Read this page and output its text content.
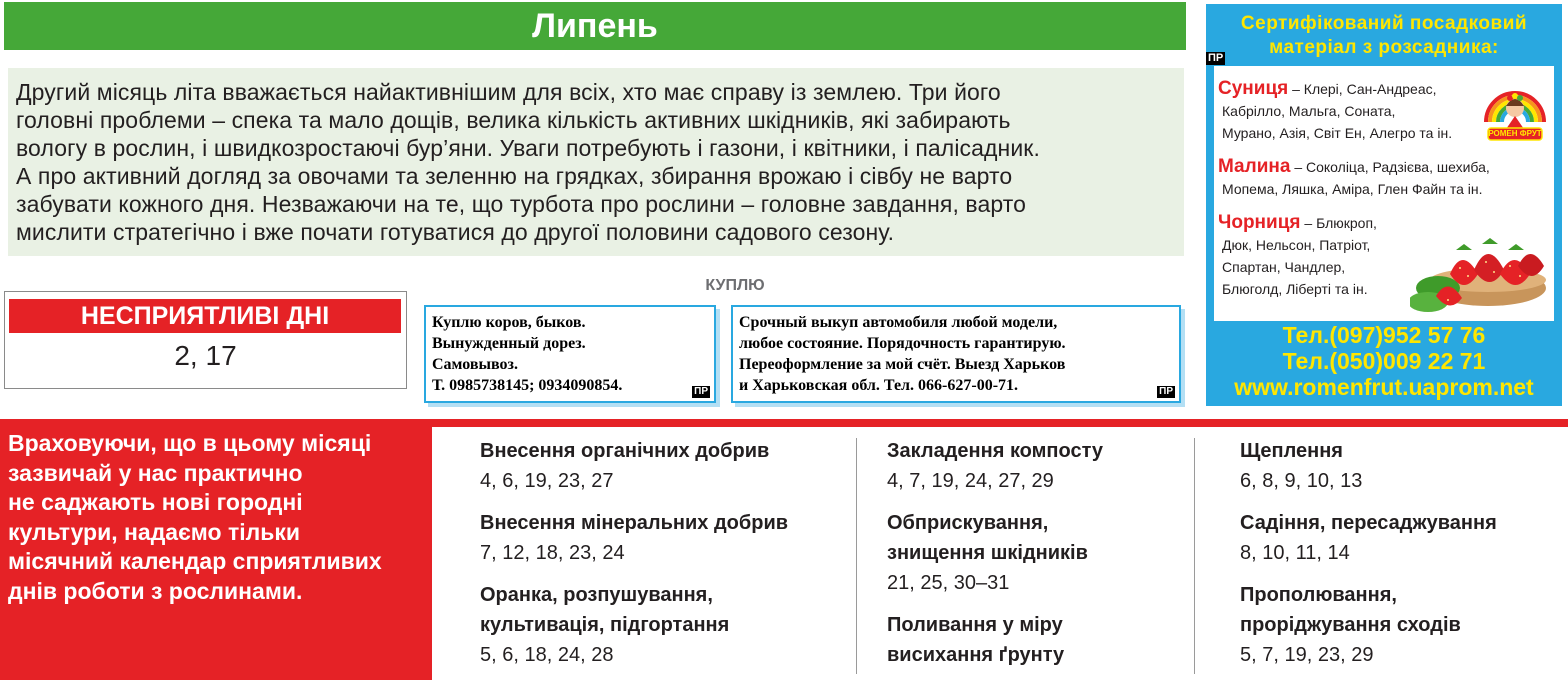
Липень
Другий місяць літа вважається найактивнішим для всіх, хто має справу із землею. Три його
головні проблеми – спека та мало дощів, велика кількість активних шкідників, які забирають
вологу в рослин, і швидкозростаючі бур’яни. Уваги потребують і газони, і квітники, і палісадник.
А про активний догляд за овочами та зеленню на грядках, збирання врожаю і сівбу не варто
забувати кожного дня. Незважаючи на те, що турбота про рослини – головне завдання, варто
мислити стратегічно і вже почати готуватися до другої половини садового сезону.
НЕСПРИЯТЛИВІ ДНІ
2, 17
КУПЛЮ
Куплю коров, быков.
Вынужденный дорез.
Самовывоз.
Т. 0985738145; 0934090854.	ПР
Срочный выкуп автомобиля любой модели,
любое состояние. Порядочность гарантирую.
Переоформление за мой счёт. Выезд Харьков
и Харьковская обл. Тел. 066-627-00-71.	ПР
Сертифікований посадковий
матеріал з розсадника:
ПР
РОМЕН ФРУТ
Суниця – Клері, Сан-Андреас,
Кабрілло, Мальга, Соната,
Мурано, Азія, Світ Ен, Алегро та ін.
Малина – Соколіца, Радзієва, шехиба,
Мопема, Ляшка, Аміра, Глен Файн та ін.
Чорниця – Блюкроп,
Дюк, Нельсон, Патріот,
Спартан, Чандлер,
Блюголд, Ліберті та ін.
Тел.(097)952 57 76
Тел.(050)009 22 71
www.romenfrut.uaprom.net
Враховуючи, що в цьому місяці
зазвичай у нас практично
не саджають нові городні
культури, надаємо тільки
місячний календар сприятливих
днів роботи з рослинами.
Внесення органічних добрив
4, 6, 19, 23, 27
Внесення мінеральних добрив
7, 12, 18, 23, 24
Оранка, розпушування,
культивація, підгортання
5, 6, 18, 24, 28
Закладення компосту
4, 7, 19, 24, 27, 29
Обприскування,
знищення шкідників
21, 25, 30–31
Поливання у міру
висихання ґрунту
Щеплення
6, 8, 9, 10, 13
Садіння, пересаджування
8, 10, 11, 14
Прополювання,
проріджування сходів
5, 7, 19, 23, 29
